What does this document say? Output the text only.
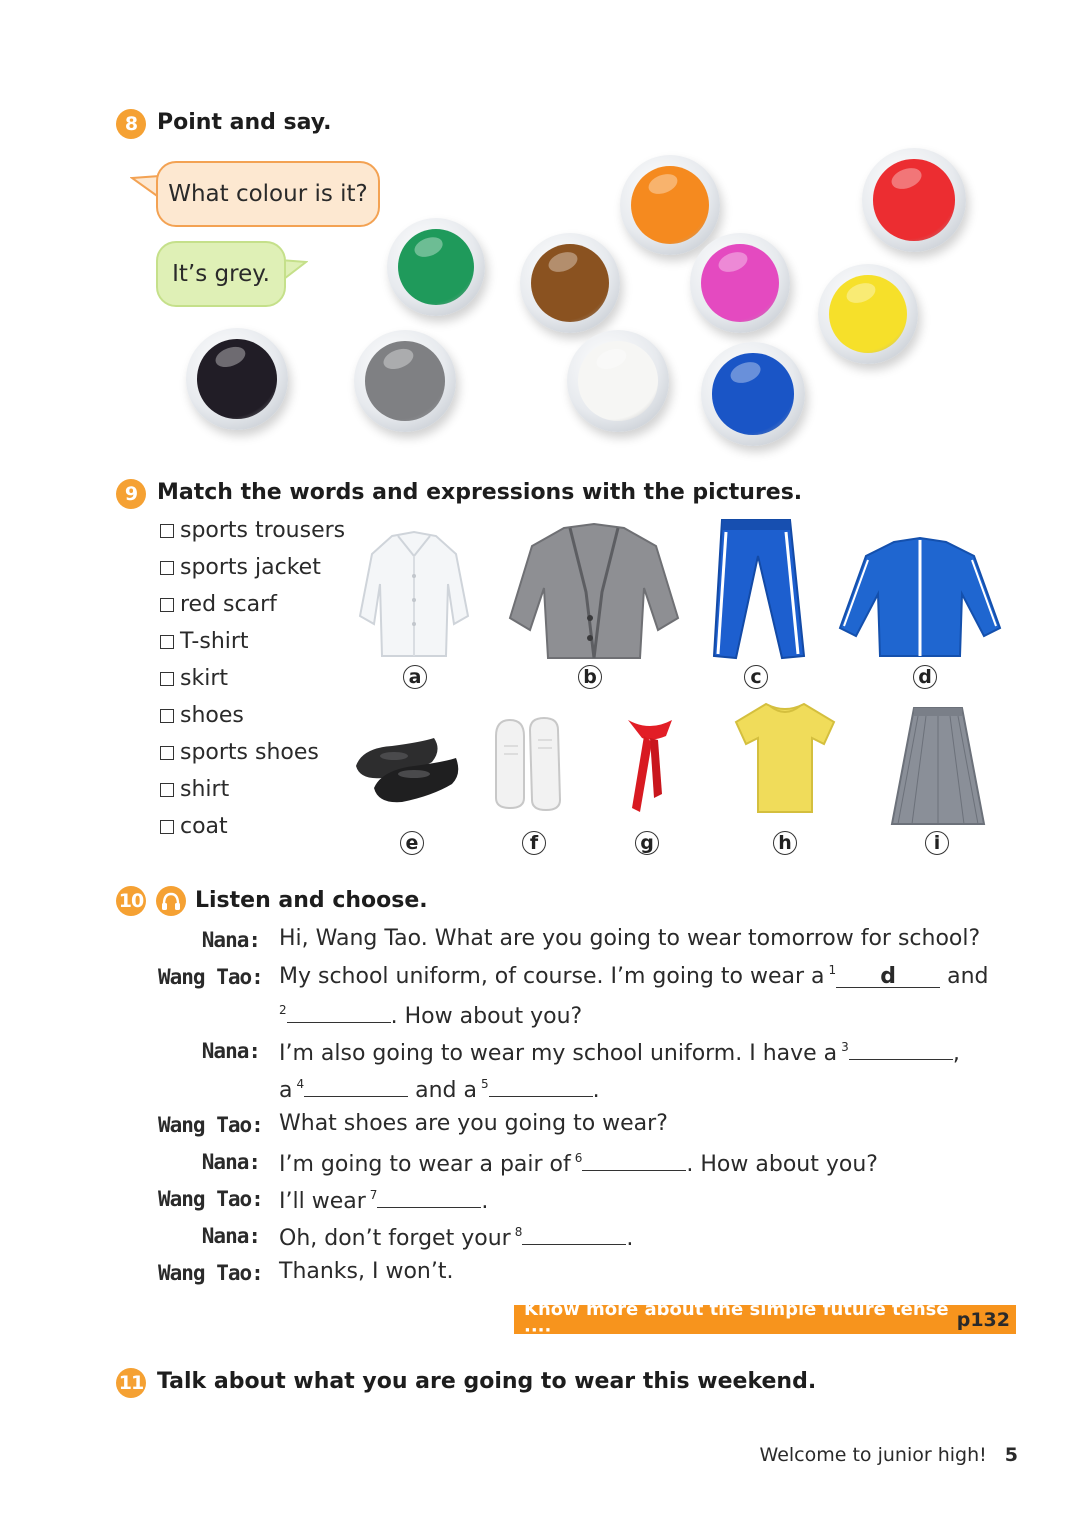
8 Point and say.
What colour is it?
It’s grey.
9 Match the words and expressions with the pictures.
sports trousers
sports jacket
red scarf
T-shirt
skirt
shoes
sports shoes
shirt
coat
a	b	c	d
e	f	g	h	i
10 Listen and choose.
Nana: Hi, Wang Tao. What are you going to wear tomorrow for school?
Wang Tao: My school uniform, of course. I’m going to wear a $^1$ d and
$^2$	. How about you?
Nana: I’m also going to wear my school uniform. I have a $^3$	,
a $^4$	and a $^5$	.
Wang Tao: What shoes are you going to wear?
Nana: I’m going to wear a pair of $^6$	. How about you?
Wang Tao: I’ll wear $^7$	.
Nana: Oh, don’t forget your $^8$	.
Wang Tao: Thanks, I won’t.
Know more about the simple future tense ····	p132
11 Talk about what you are going to wear this weekend.
Welcome to junior high! 5
